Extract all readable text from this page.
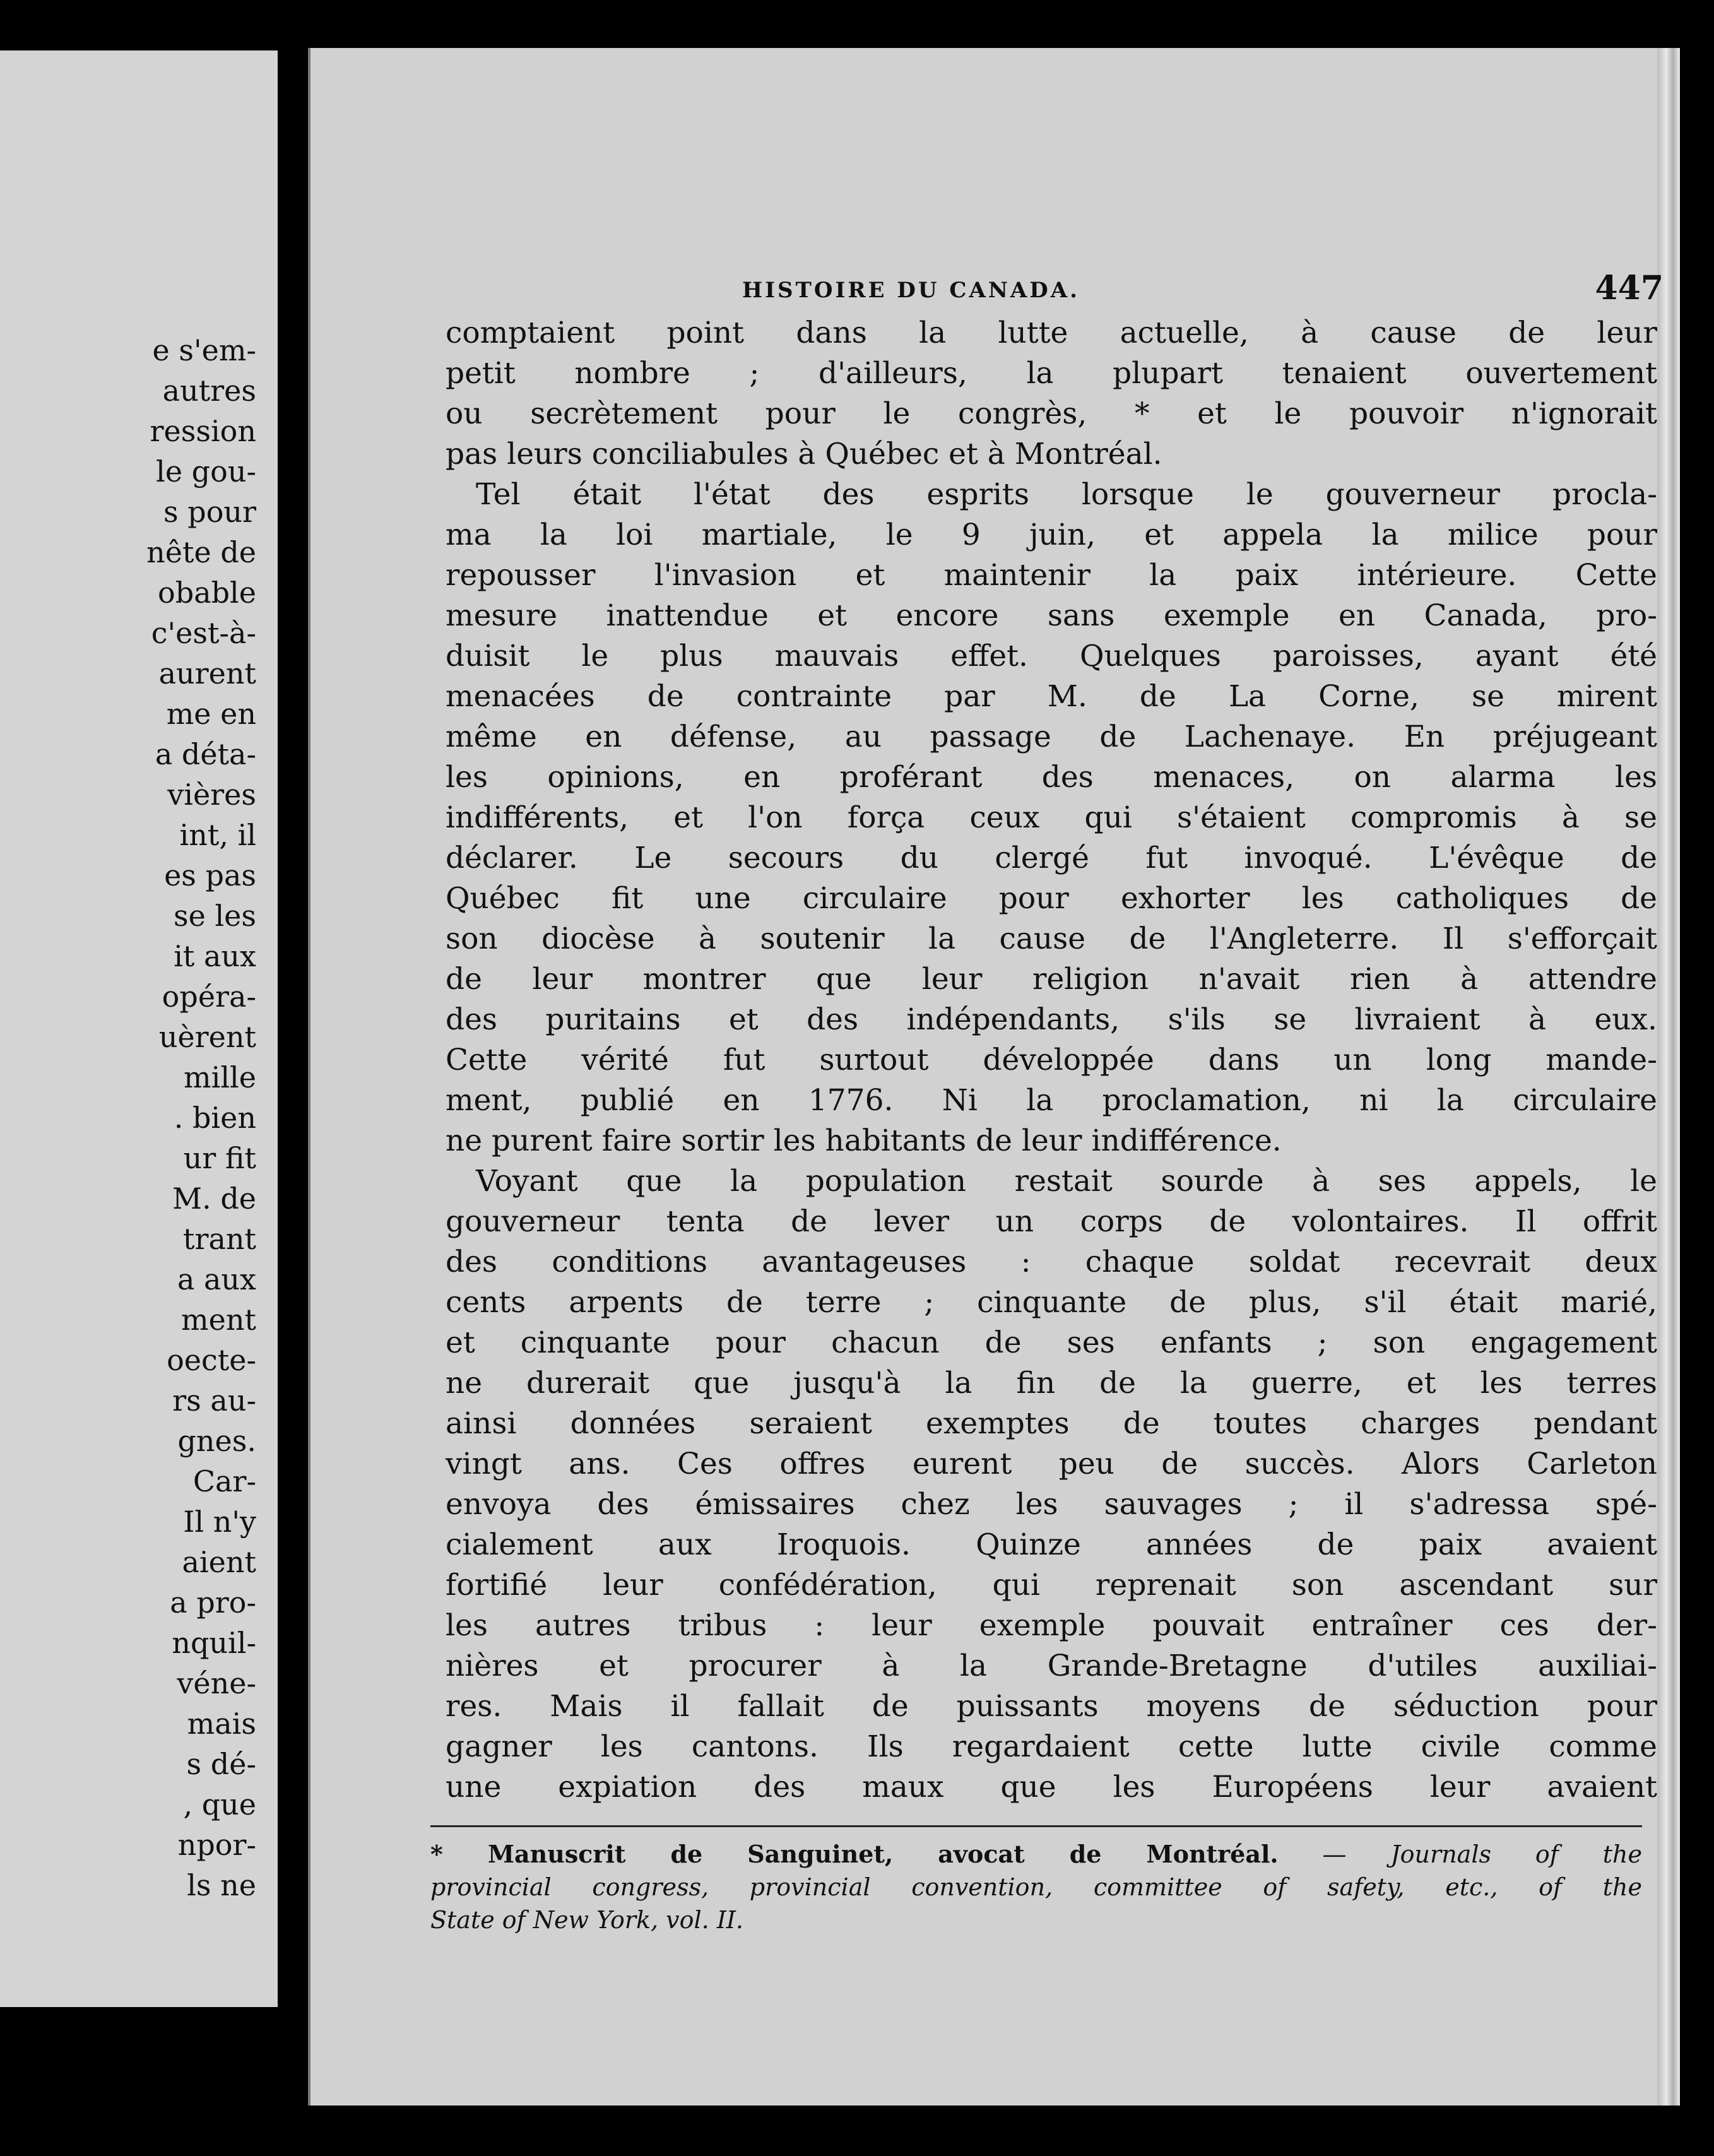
e s'em-
autres
ression
le gou-
s pour
nête de
obable
c'est-à-
aurent
me en
a déta-
vières
int, il
es pas
se les
it aux
opéra-
uèrent
mille
. bien
ur fit
M. de
trant
a aux
ment
oecte-
rs au-
gnes.
Car-
Il n'y
aient
a pro-
nquil-
véne-
mais
s dé-
, que
npor-
ls ne
HISTOIRE DU CANADA.	447
comptaient point dans la lutte actuelle, à cause de leur
petit nombre ; d'ailleurs, la plupart tenaient ouvertement
ou secrètement pour le congrès, * et le pouvoir n'ignorait
pas leurs conciliabules à Québec et à Montréal.
Tel était l'état des esprits lorsque le gouverneur procla-
ma la loi martiale, le 9 juin, et appela la milice pour
repousser l'invasion et maintenir la paix intérieure. Cette
mesure inattendue et encore sans exemple en Canada, pro-
duisit le plus mauvais effet. Quelques paroisses, ayant été
menacées de contrainte par M. de La Corne, se mirent
même en défense, au passage de Lachenaye. En préjugeant
les opinions, en proférant des menaces, on alarma les
indifférents, et l'on força ceux qui s'étaient compromis à se
déclarer. Le secours du clergé fut invoqué. L'évêque de
Québec fit une circulaire pour exhorter les catholiques de
son diocèse à soutenir la cause de l'Angleterre. Il s'efforçait
de leur montrer que leur religion n'avait rien à attendre
des puritains et des indépendants, s'ils se livraient à eux.
Cette vérité fut surtout développée dans un long mande-
ment, publié en 1776. Ni la proclamation, ni la circulaire
ne purent faire sortir les habitants de leur indifférence.
Voyant que la population restait sourde à ses appels, le
gouverneur tenta de lever un corps de volontaires. Il offrit
des conditions avantageuses : chaque soldat recevrait deux
cents arpents de terre ; cinquante de plus, s'il était marié,
et cinquante pour chacun de ses enfants ; son engagement
ne durerait que jusqu'à la fin de la guerre, et les terres
ainsi données seraient exemptes de toutes charges pendant
vingt ans. Ces offres eurent peu de succès. Alors Carleton
envoya des émissaires chez les sauvages ; il s'adressa spé-
cialement aux Iroquois. Quinze années de paix avaient
fortifié leur confédération, qui reprenait son ascendant sur
les autres tribus : leur exemple pouvait entraîner ces der-
nières et procurer à la Grande-Bretagne d'utiles auxiliai-
res. Mais il fallait de puissants moyens de séduction pour
gagner les cantons. Ils regardaient cette lutte civile comme
une expiation des maux que les Européens leur avaient
* Manuscrit de Sanguinet, avocat de Montréal. — Journals of the
provincial congress, provincial convention, committee of safety, etc., of the
State of New York, vol. II.
